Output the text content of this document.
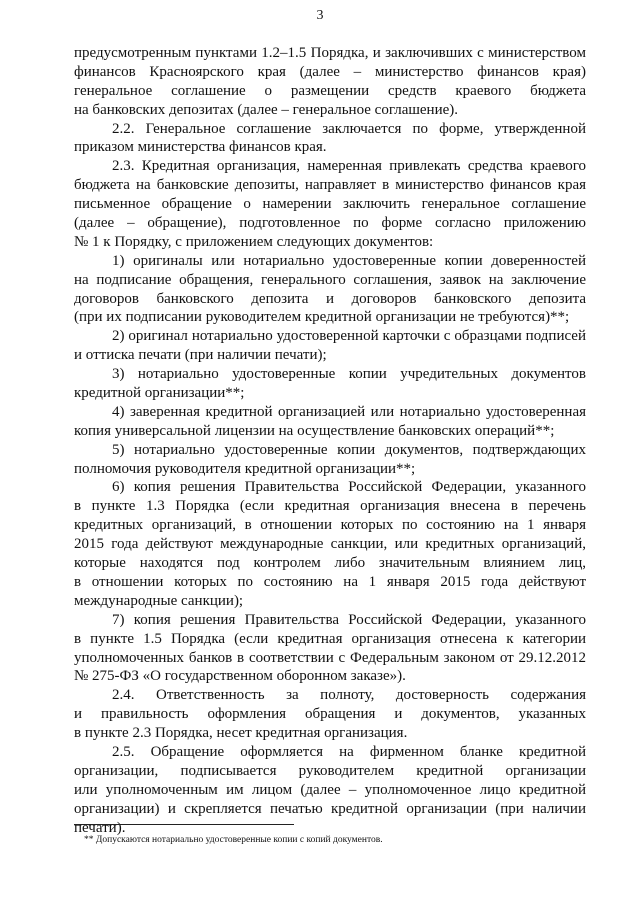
3
предусмотренным пунктами 1.2–1.5 Порядка, и заключивших с министерством
финансов Красноярского края (далее – министерство финансов края)
генеральное соглашение о размещении средств краевого бюджета
на банковских депозитах (далее – генеральное соглашение).
2.2. Генеральное соглашение заключается по форме, утвержденной
приказом министерства финансов края.
2.3. Кредитная организация, намеренная привлекать средства краевого
бюджета на банковские депозиты, направляет в министерство финансов края
письменное обращение о намерении заключить генеральное соглашение
(далее – обращение), подготовленное по форме согласно приложению
№ 1 к Порядку, с приложением следующих документов:
1) оригиналы или нотариально удостоверенные копии доверенностей
на подписание обращения, генерального соглашения, заявок на заключение
договоров банковского депозита и договоров банковского депозита
(при их подписании руководителем кредитной организации не требуются)**;
2) оригинал нотариально удостоверенной карточки с образцами подписей
и оттиска печати (при наличии печати);
3) нотариально удостоверенные копии учредительных документов
кредитной организации**;
4) заверенная кредитной организацией или нотариально удостоверенная
копия универсальной лицензии на осуществление банковских операций**;
5) нотариально удостоверенные копии документов, подтверждающих
полномочия руководителя кредитной организации**;
6) копия решения Правительства Российской Федерации, указанного
в пункте 1.3 Порядка (если кредитная организация внесена в перечень
кредитных организаций, в отношении которых по состоянию на 1 января
2015 года действуют международные санкции, или кредитных организаций,
которые находятся под контролем либо значительным влиянием лиц,
в отношении которых по состоянию на 1 января 2015 года действуют
международные санкции);
7) копия решения Правительства Российской Федерации, указанного
в пункте 1.5 Порядка (если кредитная организация отнесена к категории
уполномоченных банков в соответствии с Федеральным законом от 29.12.2012
№ 275-ФЗ «О государственном оборонном заказе»).
2.4. Ответственность за полноту, достоверность содержания
и правильность оформления обращения и документов, указанных
в пункте 2.3 Порядка, несет кредитная организация.
2.5. Обращение оформляется на фирменном бланке кредитной
организации, подписывается руководителем кредитной организации
или уполномоченным им лицом (далее – уполномоченное лицо кредитной
организации) и скрепляется печатью кредитной организации (при наличии
печати).
** Допускаются нотариально удостоверенные копии с копий документов.
